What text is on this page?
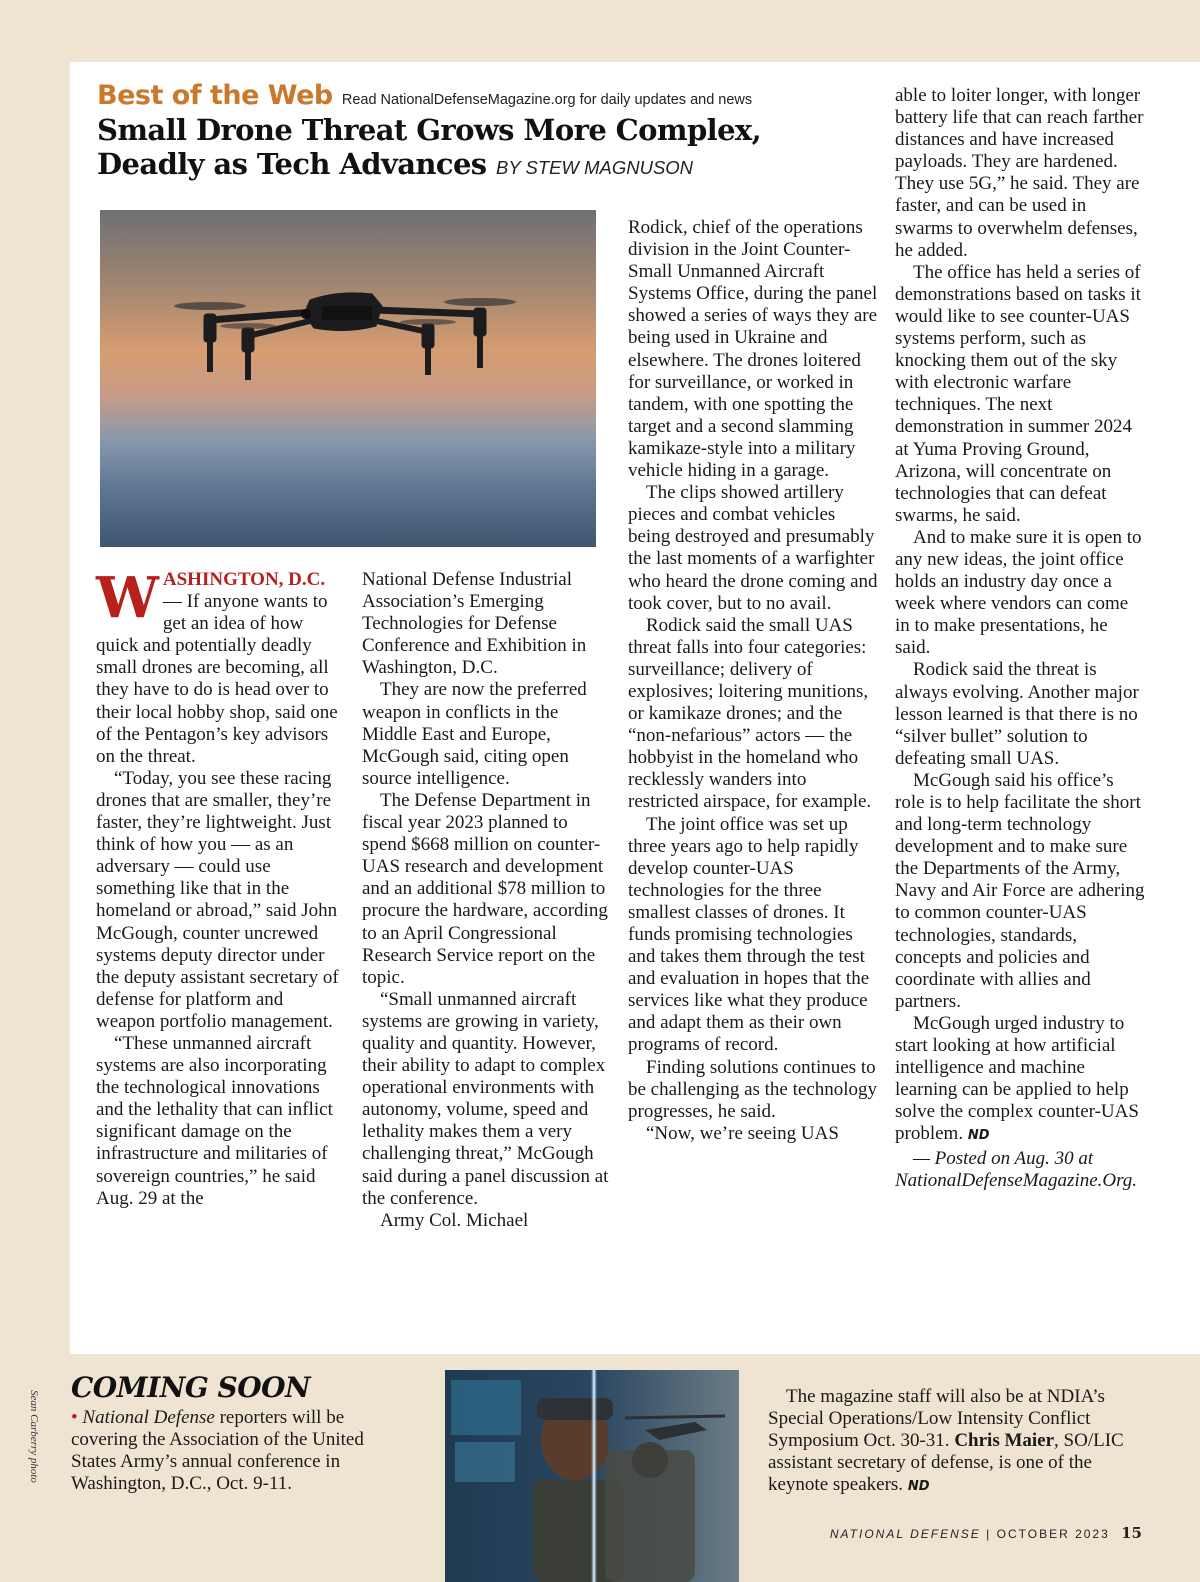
Best of the Web Read NationalDefenseMagazine.org for daily updates and news
Small Drone Threat Grows More Complex, Deadly as Tech Advances BY STEW MAGNUSON

WASHINGTON, D.C. — If anyone wants to get an idea of how quick and potentially deadly small drones are becoming, all they have to do is head over to their local hobby shop, said one of the Pentagon’s key advisors on the threat.

“Today, you see these racing drones that are smaller, they’re faster, they’re lightweight. Just think of how you — as an adversary — could use something like that in the homeland or abroad,” said John McGough, counter uncrewed systems deputy director under the deputy assistant secretary of defense for platform and weapon portfolio management.

“These unmanned aircraft systems are also incorporating the technological innovations and the lethality that can inflict significant damage on the infrastructure and militaries of sovereign countries,” he said Aug. 29 at the

National Defense Industrial Association’s Emerging Technologies for Defense Conference and Exhibition in Washington, D.C.

They are now the preferred weapon in conflicts in the Middle East and Europe, McGough said, citing open source intelligence.

The Defense Department in fiscal year 2023 planned to spend $668 million on counter-UAS research and development and an additional $78 million to procure the hardware, according to an April Congressional Research Service report on the topic.

“Small unmanned aircraft systems are growing in variety, quality and quantity. However, their ability to adapt to complex operational environments with autonomy, volume, speed and lethality makes them a very challenging threat,” McGough said during a panel discussion at the conference.

Army Col. Michael

Rodick, chief of the operations division in the Joint Counter-Small Unmanned Aircraft Systems Office, during the panel showed a series of ways they are being used in Ukraine and elsewhere. The drones loitered for surveillance, or worked in tandem, with one spotting the target and a second slamming kamikaze-style into a military vehicle hiding in a garage.

The clips showed artillery pieces and combat vehicles being destroyed and presumably the last moments of a warfighter who heard the drone coming and took cover, but to no avail.

Rodick said the small UAS threat falls into four categories: surveillance; delivery of explosives; loitering munitions, or kamikaze drones; and the “non-nefarious” actors — the hobbyist in the homeland who recklessly wanders into restricted airspace, for example.

The joint office was set up three years ago to help rapidly develop counter-UAS technologies for the three smallest classes of drones. It funds promising technologies and takes them through the test and evaluation in hopes that the services like what they produce and adapt them as their own programs of record.

Finding solutions continues to be challenging as the technology progresses, he said.

“Now, we’re seeing UAS

able to loiter longer, with longer battery life that can reach farther distances and have increased payloads. They are hardened. They use 5G,” he said. They are faster, and can be used in swarms to overwhelm defenses, he added.

The office has held a series of demonstrations based on tasks it would like to see counter-UAS systems perform, such as knocking them out of the sky with electronic warfare techniques. The next demonstration in summer 2024 at Yuma Proving Ground, Arizona, will concentrate on technologies that can defeat swarms, he said.

And to make sure it is open to any new ideas, the joint office holds an industry day once a week where vendors can come in to make presentations, he said.

Rodick said the threat is always evolving. Another major lesson learned is that there is no “silver bullet” solution to defeating small UAS.

McGough said his office’s role is to help facilitate the short and long-term technology development and to make sure the Departments of the Army, Navy and Air Force are adhering to common counter-UAS technologies, standards, concepts and policies and coordinate with allies and partners.

McGough urged industry to start looking at how artificial intelligence and machine learning can be applied to help solve the complex counter-UAS problem. ND

— Posted on Aug. 30 at NationalDefenseMagazine.Org.

Sean Carberry photo
COMING SOON
• National Defense reporters will be covering the Association of the United States Army’s annual conference in Washington, D.C., Oct. 9-11.

The magazine staff will also be at NDIA’s Special Operations/Low Intensity Conflict Symposium Oct. 30-31. Chris Maier, SO/LIC assistant secretary of defense, is one of the keynote speakers. ND

NATIONAL DEFENSE | OCTOBER 2023 15
